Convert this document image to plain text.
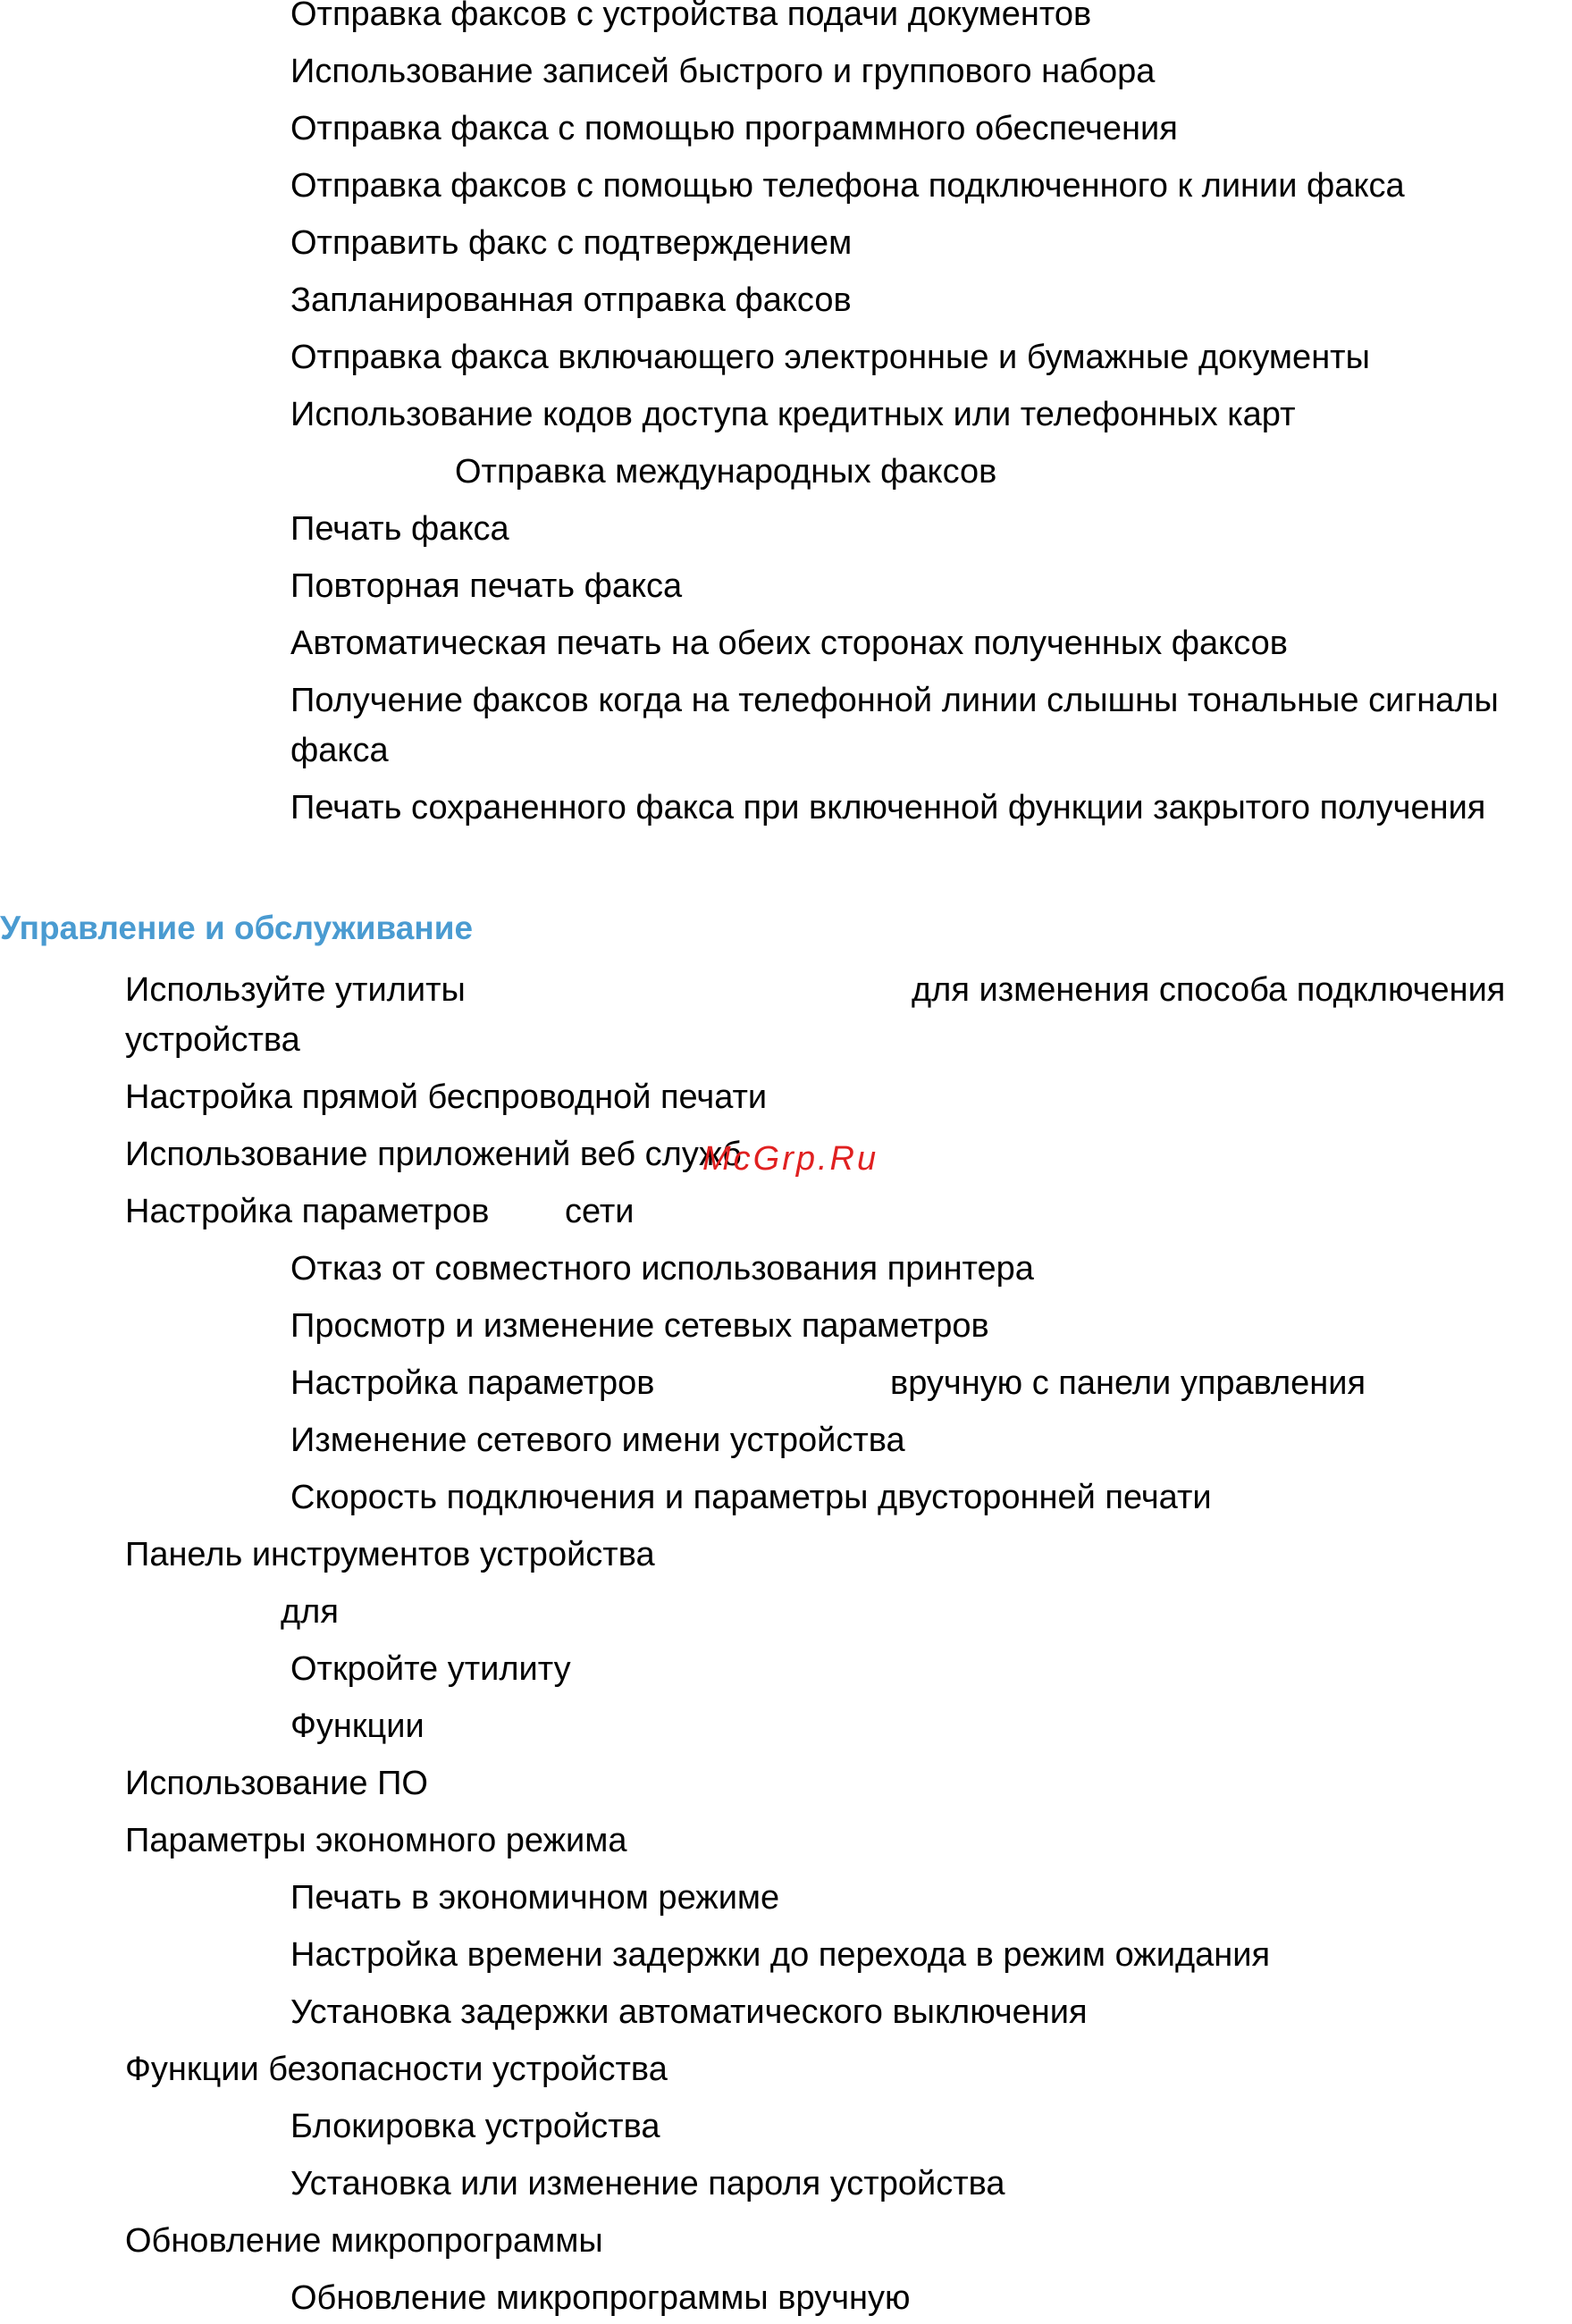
Отправка факсов с устройства подачи документов
Использование записей быстрого и группового набора
Отправка факса с помощью программного обеспечения
Отправка факсов с помощью телефона подключенного к линии факса
Отправить факс с подтверждением
Запланированная отправка факсов
Отправка факса включающего электронные и бумажные документы
Использование кодов доступа кредитных или телефонных карт
Отправка международных факсов
Печать факса
Повторная печать факса
Автоматическая печать на обеих сторонах полученных факсов
Получение факсов когда на телефонной линии слышны тональные сигналы
факса
Печать сохраненного факса при включенной функции закрытого получения
Управление и обслуживание
Используйте утилиты	для изменения способа подключения
устройства
Настройка прямой беспроводной печати
Использование приложений веб служб
Настройка параметров сети
Отказ от совместного использования принтера
Просмотр и изменение сетевых параметров
Настройка параметров	вручную с панели управления
Изменение сетевого имени устройства
Скорость подключения и параметры двусторонней печати
Панель инструментов устройства
для
Откройте утилиту
Функции
Использование ПО
Параметры экономного режима
Печать в экономичном режиме
Настройка времени задержки до перехода в режим ожидания
Установка задержки автоматического выключения
Функции безопасности устройства
Блокировка устройства
Установка или изменение пароля устройства
Обновление микропрограммы
Обновление микропрограммы вручную
McGrp.Ru
